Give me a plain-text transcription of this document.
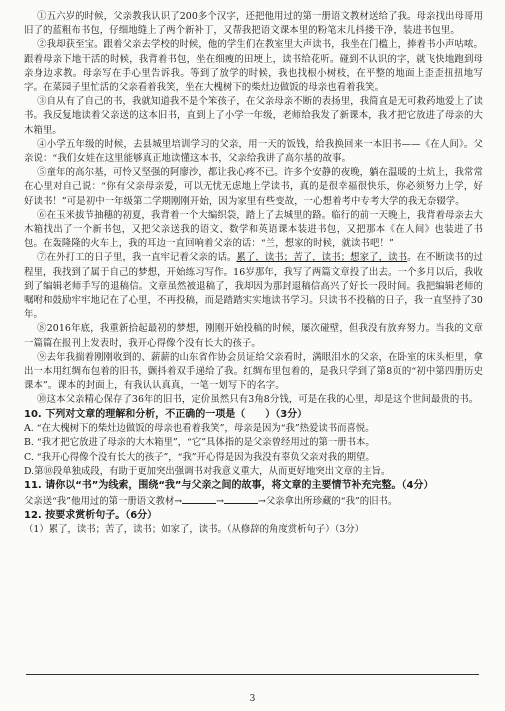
①五六岁的时候，父亲教我认识了200多个汉字，还把他用过的第一册语文教材送给了我。母亲找出母哥用旧了的蓝粗布书包，仔细地缝上了两个新补丁，又帮我把语文课本里的粉笔末儿抖搂干净，装进书包里。

②我却获至宝。跟着父亲去学校的时候，他的学生们在教室里大声读书，我坐在门槛上，捧着书小声咕哝。跟着母亲下地干活的时候，我背着书包，坐在细瘦的田埂上，读书给花听。碰到不认识的字，就飞快地跑到母亲身边求教。母亲写在手心里告诉我。等到了放学的时候，我也找根小树枝，在平整的地面上歪歪扭扭地写字。在菜园子里忙活的父亲看着我笑，坐在大槐树下的柴灶边做饭的母亲也看着我笑。

③自从有了自己的书，我就知道我不是个笨孩子，在父亲母亲不断的表扬里，我简直是无可救药地爱上了读书。我反复地读着父亲送的这本旧书，直到上了小学一年级，老师给我发了新课本，我才把它放进了母亲的大木箱里。

④小学五年级的时候，去县城里培训学习的父亲，用一天的饭钱，给我换回来一本旧书——《在人间》。父亲说：“我们女娃在这里能够真正地读懂这本书，父亲给我讲了高尔基的故事。

⑤童年的高尔基，可怜又坚强的阿廖沙，都让我心疼不已。许多个安静的夜晚，躺在温暖的土炕上，我常常在心里对自己说：“你有父亲母亲爱，可以无忧无虑地上学读书，真的是很幸福很快乐，你必须努力上学，好好读书！”可是初中一年级第二学期刚刚开始，因为家里有些变故，一心想着考中专考大学的我无奈辍学。

⑥在玉米拔节抽穗的初夏，我背着一个大编织袋，踏上了去城里的路。临行的前一天晚上，我背着母亲去大木箱找出了一个新书包，又把父亲送我的语文、数学和英语课本装进书包，又把那本《在人间》也装进了书包。在轰隆隆的火车上，我的耳边一直回响着父亲的话：“兰，想家的时候，就读书吧！”

⑦在外打工的日子里，我一直牢记着父亲的话。累了，读书；苦了，读书；想家了，读书。在不断读书的过程里，我找到了属于自己的梦想，开始练习写作。16岁那年，我写了两篇文章投了出去。一个多月以后，我收到了编辑老师手写的退稿信。文章虽然被退稿了，我却因为那封退稿信高兴了好长一段时间。我把编辑老师的嘱咐和鼓励牢牢地记在了心里，不再投稿，而是踏踏实实地读书学习。只读书不投稿的日子，我一直坚持了30年。

⑧2016年底，我重新拾起最初的梦想，刚刚开始投稿的时候，屡次碰壁，但我没有放弃努力。当我的文章一篇篇在报刊上发表时，我开心得像个没有长大的孩子。

⑨去年我揣着刚刚收到的、薪薪的山东省作协会员证给父亲看时，满眼泪水的父亲，在卧室的床头柜里，拿出一本用红绸布包着的旧书，颤抖着双手递给了我。红绸布里包着的，是我只学到了第8页的“初中第四册历史课本”。课本的封面上，有我认认真真，一笔一划写下的名字。

⑩这本父亲精心保存了36年的旧书，定价虽然只有3角8分钱，可是在我的心里，却是这个世间最贵的书。

10. 下列对文章的理解和分析，不正确的一项是（　　）（3分）

A. “在大槐树下的柴灶边做饭的母亲也看着我笑”，母亲是因为“我”热爱读书而喜悦。

B. “我才把它放进了母亲的大木箱里”，“它”具体指的是父亲曾经用过的第一册书本。

C. “我开心得像个没有长大的孩子”，“我”开心得是因为我没有辜负父亲对我的期望。

D.第⑩段单独成段，有助于更加突出强调书对我意义重大，从而更好地突出文章的主旨。

11. 请你以“书”为线索，围绕“我”与父亲之间的故事，将文章的主要情节补充完整。（4分）

父亲送“我”他用过的第一册语文教材→	→	→父亲拿出所珍藏的“我”的旧书。

12. 按要求赏析句子。（6分）

（1）累了，读书；苦了，读书；如家了，读书。（从修辞的角度赏析句子）（3分）

3
